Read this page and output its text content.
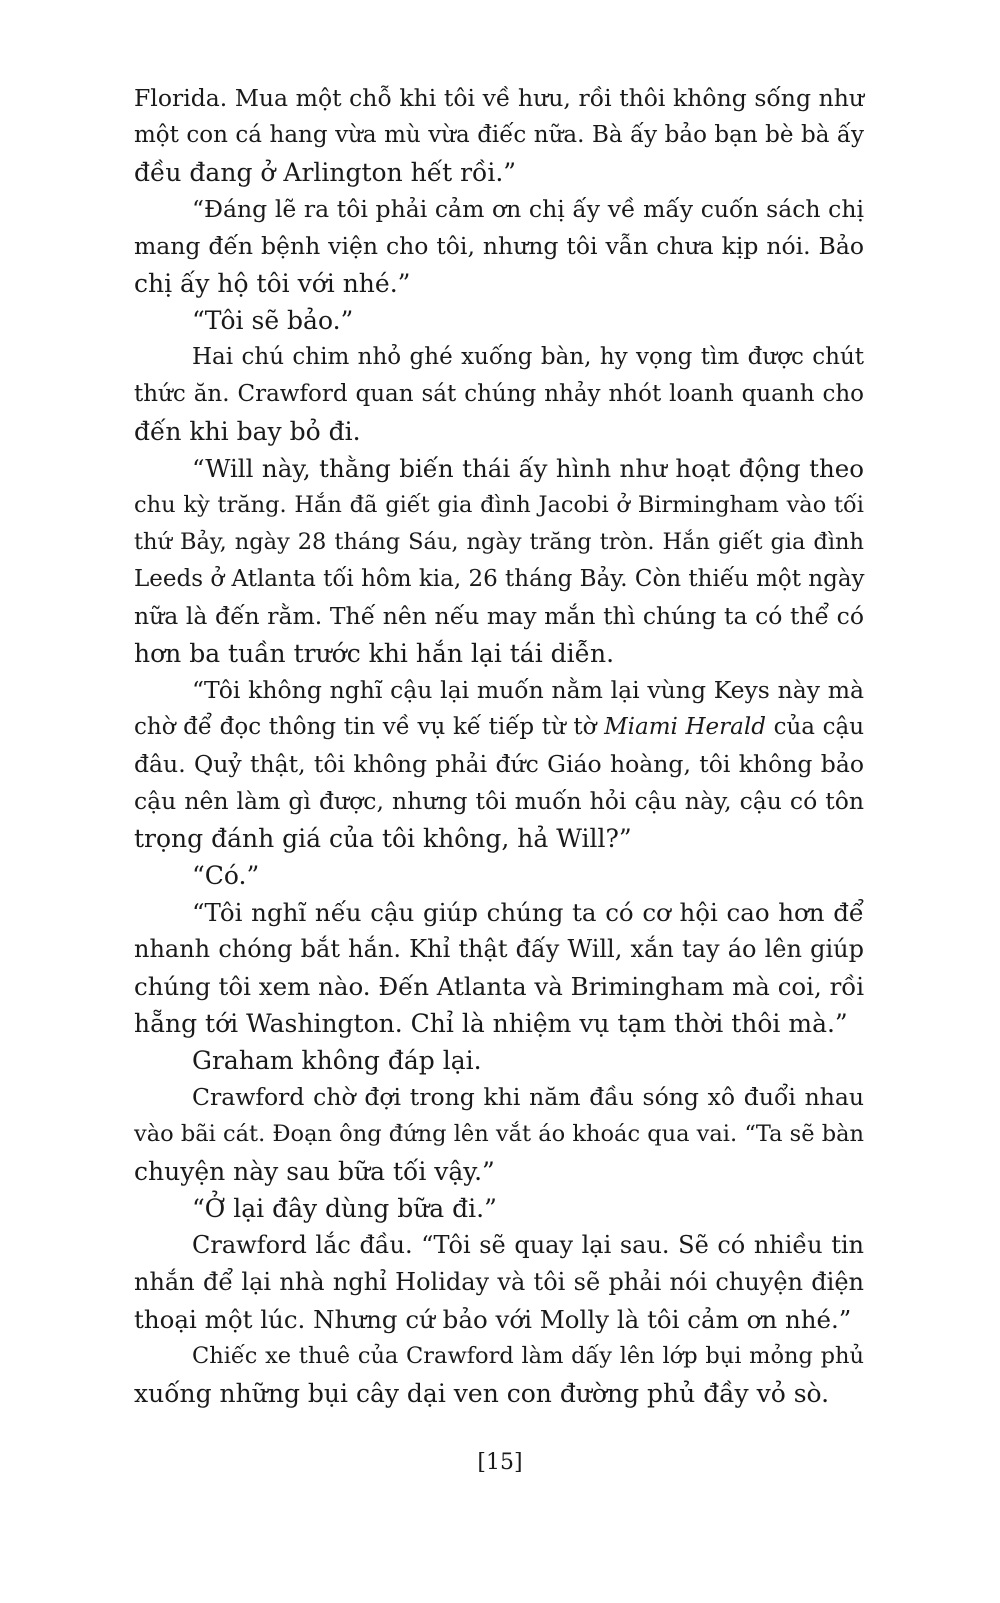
Florida. Mua một chỗ khi tôi về hưu, rồi thôi không sống như
một con cá hang vừa mù vừa điếc nữa. Bà ấy bảo bạn bè bà ấy
đều đang ở Arlington hết rồi.”
“Đáng lẽ ra tôi phải cảm ơn chị ấy về mấy cuốn sách chị
mang đến bệnh viện cho tôi, nhưng tôi vẫn chưa kịp nói. Bảo
chị ấy hộ tôi với nhé.”
“Tôi sẽ bảo.”
Hai chú chim nhỏ ghé xuống bàn, hy vọng tìm được chút
thức ăn. Crawford quan sát chúng nhảy nhót loanh quanh cho
đến khi bay bỏ đi.
“Will này, thằng biến thái ấy hình như hoạt động theo
chu kỳ trăng. Hắn đã giết gia đình Jacobi ở Birmingham vào tối
thứ Bảy, ngày 28 tháng Sáu, ngày trăng tròn. Hắn giết gia đình
Leeds ở Atlanta tối hôm kia, 26 tháng Bảy. Còn thiếu một ngày
nữa là đến rằm. Thế nên nếu may mắn thì chúng ta có thể có
hơn ba tuần trước khi hắn lại tái diễn.
“Tôi không nghĩ cậu lại muốn nằm lại vùng Keys này mà
chờ để đọc thông tin về vụ kế tiếp từ tờ Miami Herald của cậu
đâu. Quỷ thật, tôi không phải đức Giáo hoàng, tôi không bảo
cậu nên làm gì được, nhưng tôi muốn hỏi cậu này, cậu có tôn
trọng đánh giá của tôi không, hả Will?”
“Có.”
“Tôi nghĩ nếu cậu giúp chúng ta có cơ hội cao hơn để
nhanh chóng bắt hắn. Khỉ thật đấy Will, xắn tay áo lên giúp
chúng tôi xem nào. Đến Atlanta và Brimingham mà coi, rồi
hẵng tới Washington. Chỉ là nhiệm vụ tạm thời thôi mà.”
Graham không đáp lại.
Crawford chờ đợi trong khi năm đầu sóng xô đuổi nhau
vào bãi cát. Đoạn ông đứng lên vắt áo khoác qua vai. “Ta sẽ bàn
chuyện này sau bữa tối vậy.”
“Ở lại đây dùng bữa đi.”
Crawford lắc đầu. “Tôi sẽ quay lại sau. Sẽ có nhiều tin
nhắn để lại nhà nghỉ Holiday và tôi sẽ phải nói chuyện điện
thoại một lúc. Nhưng cứ bảo với Molly là tôi cảm ơn nhé.”
Chiếc xe thuê của Crawford làm dấy lên lớp bụi mỏng phủ
xuống những bụi cây dại ven con đường phủ đầy vỏ sò.
[15]
